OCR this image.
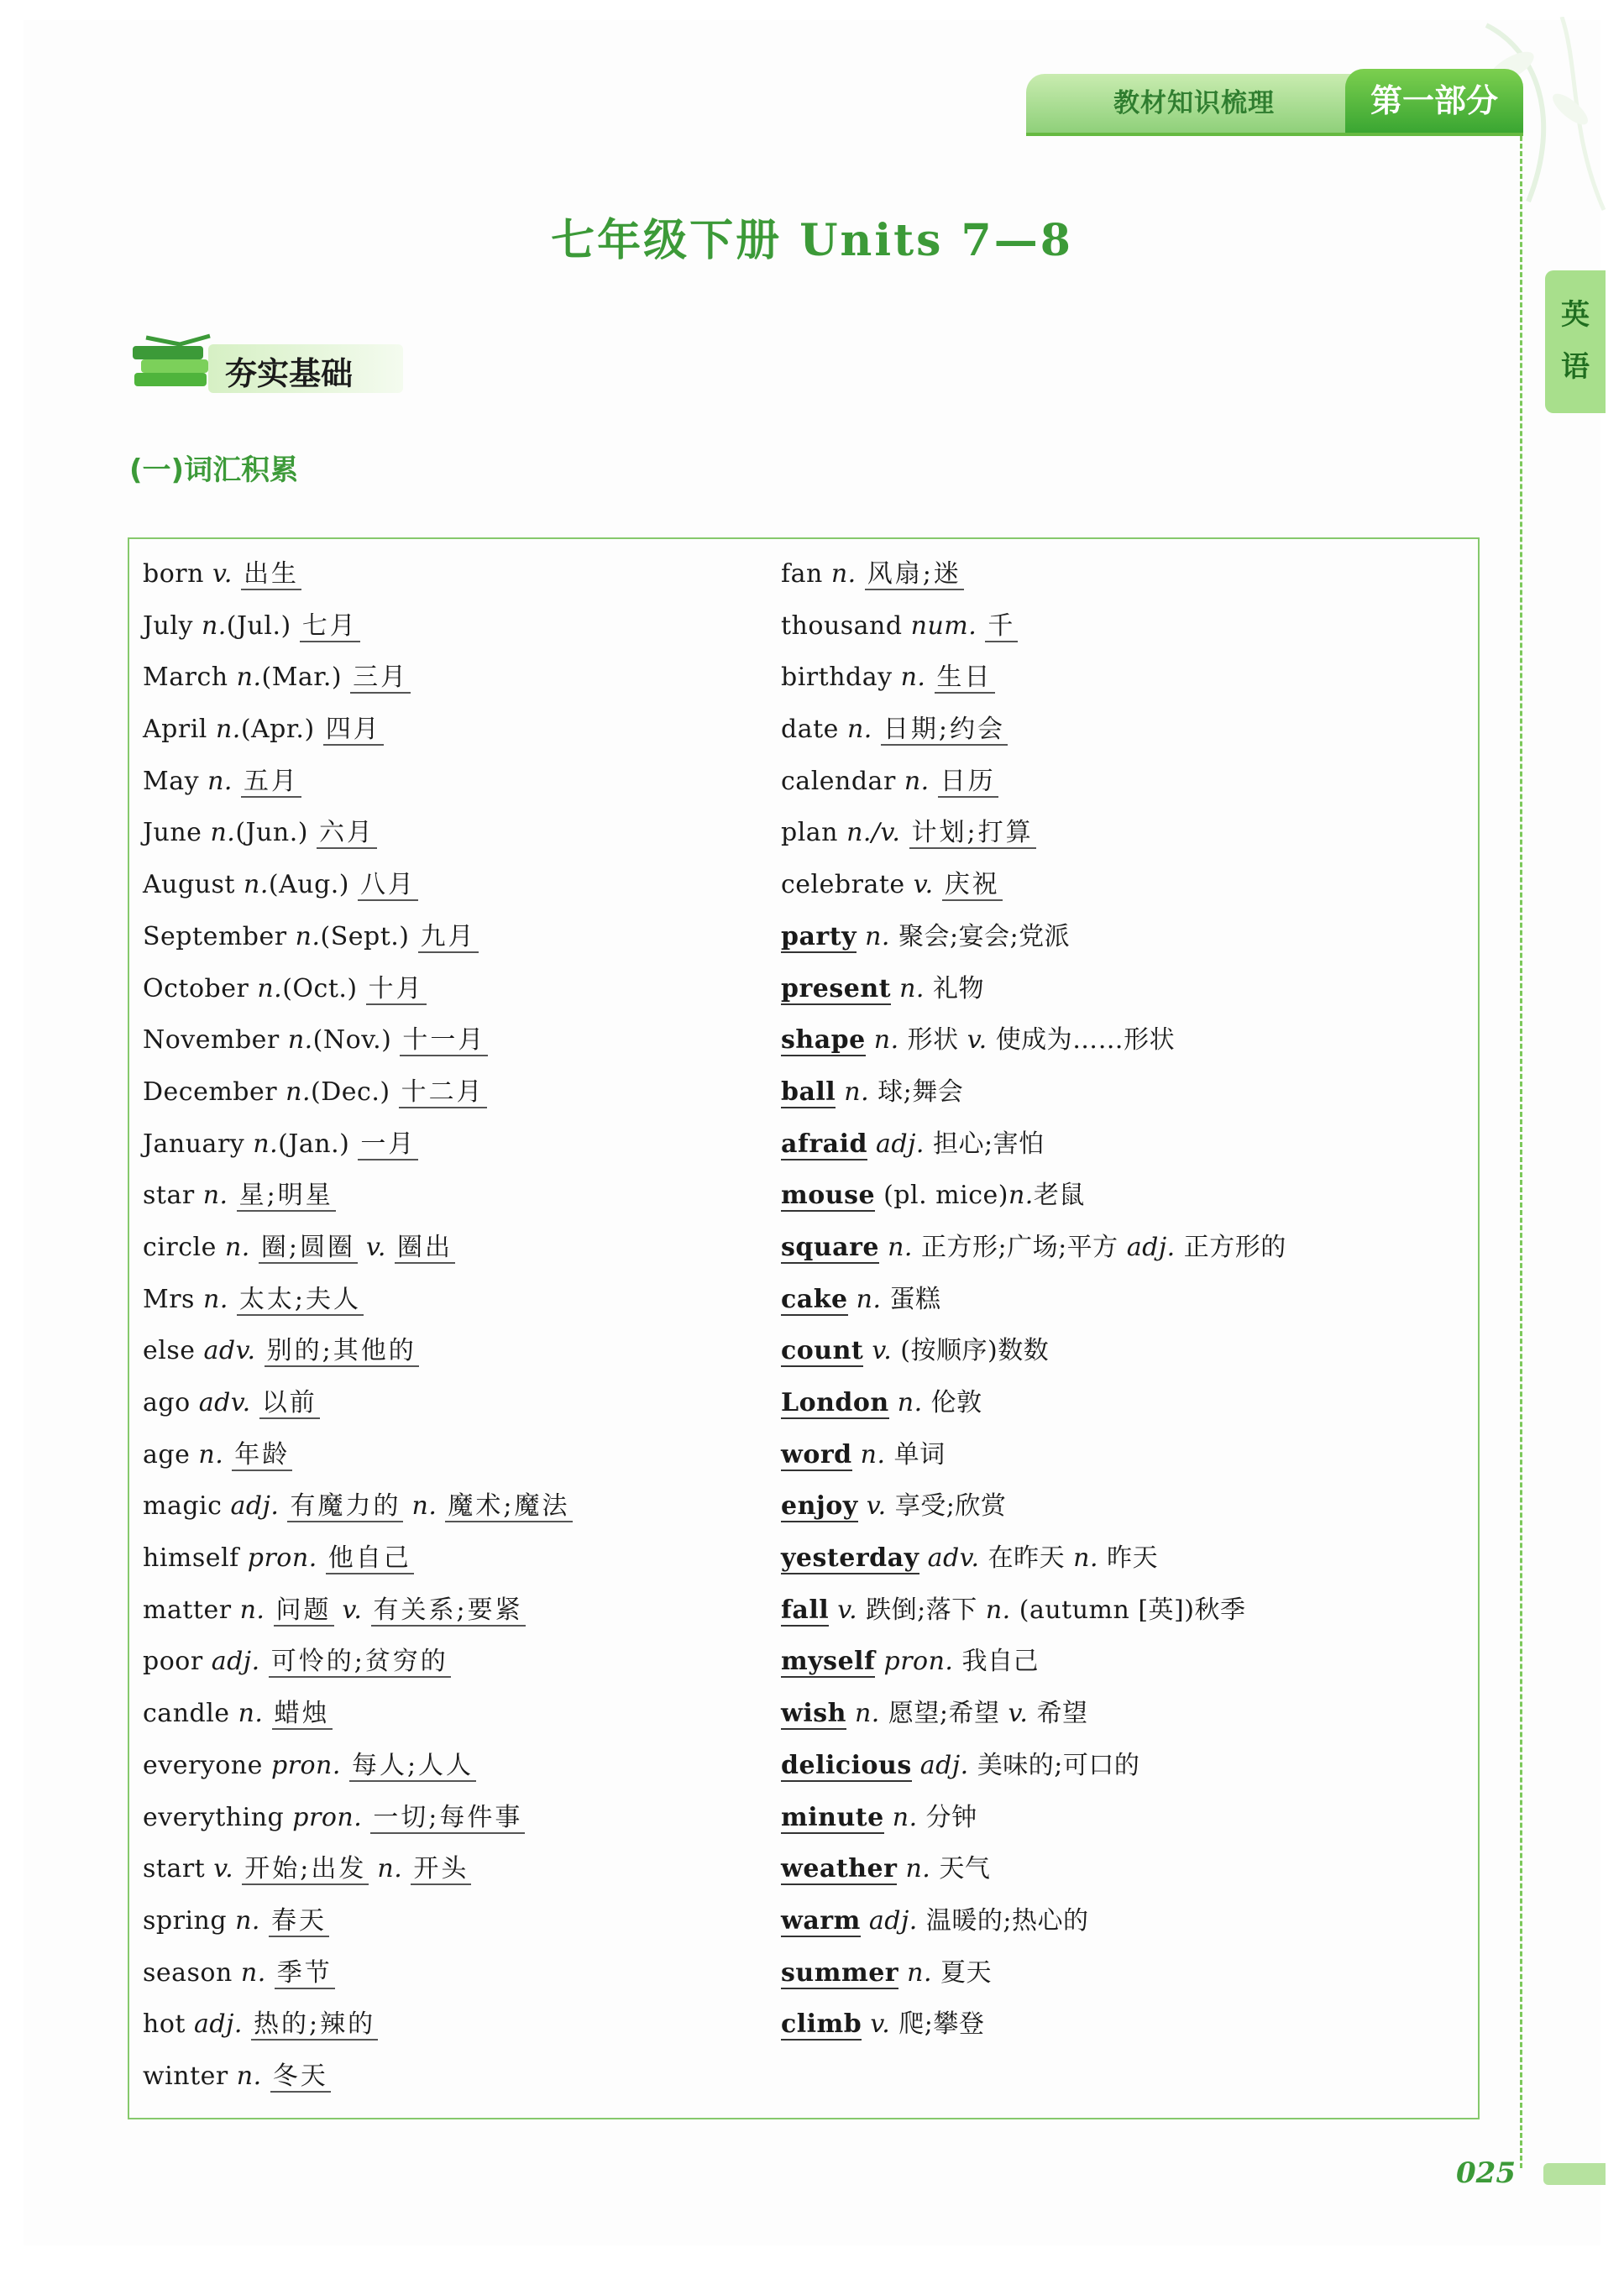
教材知识梳理	第一部分
英
语
七年级下册 Units 7—8
夯实基础
(一)词汇积累
born v. 出生
July n.(Jul.) 七月
March n.(Mar.) 三月
April n.(Apr.) 四月
May n. 五月
June n.(Jun.) 六月
August n.(Aug.) 八月
September n.(Sept.) 九月
October n.(Oct.) 十月
November n.(Nov.) 十一月
December n.(Dec.) 十二月
January n.(Jan.) 一月
star n. 星;明星
circle n. 圈;圆圈 v. 圈出
Mrs n. 太太;夫人
else adv. 别的;其他的
ago adv. 以前
age n. 年龄
magic adj. 有魔力的 n. 魔术;魔法
himself pron. 他自己
matter n. 问题 v. 有关系;要紧
poor adj. 可怜的;贫穷的
candle n. 蜡烛
everyone pron. 每人;人人
everything pron. 一切;每件事
start v. 开始;出发 n. 开头
spring n. 春天
season n. 季节
hot adj. 热的;辣的
winter n. 冬天
fan n. 风扇;迷
thousand num. 千
birthday n. 生日
date n. 日期;约会
calendar n. 日历
plan n./v. 计划;打算
celebrate v. 庆祝
party n. 聚会;宴会;党派
present n. 礼物
shape n. 形状 v. 使成为……形状
ball n. 球;舞会
afraid adj. 担心;害怕
mouse (pl. mice)n.老鼠
square n. 正方形;广场;平方 adj. 正方形的
cake n. 蛋糕
count v. (按顺序)数数
London n. 伦敦
word n. 单词
enjoy v. 享受;欣赏
yesterday adv. 在昨天 n. 昨天
fall v. 跌倒;落下 n. (autumn [英])秋季
myself pron. 我自己
wish n. 愿望;希望 v. 希望
delicious adj. 美味的;可口的
minute n. 分钟
weather n. 天气
warm adj. 温暖的;热心的
summer n. 夏天
climb v. 爬;攀登
025
